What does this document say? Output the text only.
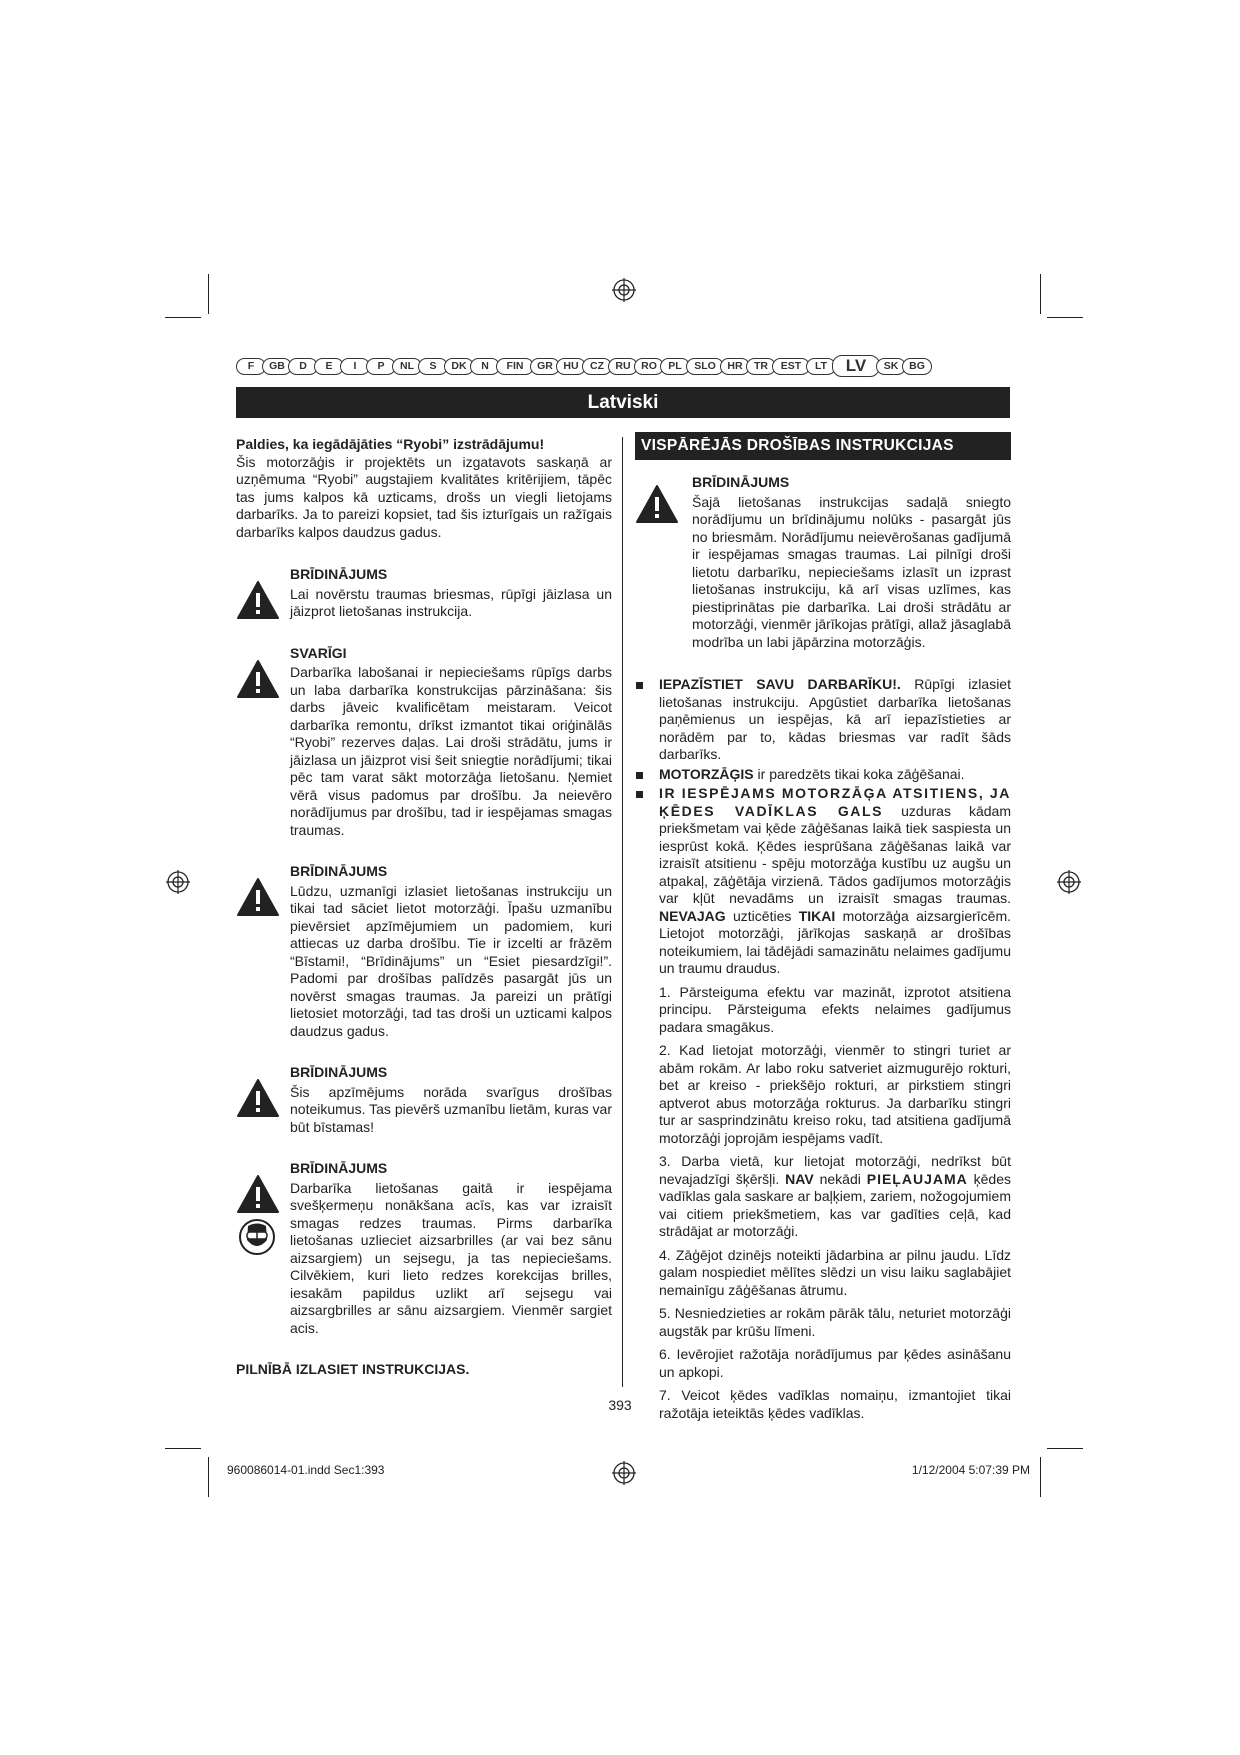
F	GB	D	E	I	P	NL	S	DK	N	FIN	GR	HU	CZ	RU	RO	PL	SLO	HR	TR	EST	LT	LV	SK	BG
Latviski

Paldies, ka iegādājāties “Ryobi” izstrādājumu!

Šis motorzāģis ir projektēts un izgatavots saskaņā ar uzņēmuma “Ryobi” augstajiem kvalitātes kritērijiem, tāpēc tas jums kalpos kā uzticams, drošs un viegli lietojams darbarīks. Ja to pareizi kopsiet, tad šis izturīgais un ražīgais darbarīks kalpos daudzus gadus.

BRĪDINĀJUMS

Lai novērstu traumas briesmas, rūpīgi jāizlasa un jāizprot lietošanas instrukcija.

SVARĪGI

Darbarīka labošanai ir nepieciešams rūpīgs darbs un laba darbarīka konstrukcijas pārzināšana: šis darbs jāveic kvalificētam meistaram. Veicot darbarīka remontu, drīkst izmantot tikai oriģinālās “Ryobi” rezerves daļas. Lai droši strādātu, jums ir jāizlasa un jāizprot visi šeit sniegtie norādījumi; tikai pēc tam varat sākt motorzāģa lietošanu. Ņemiet vērā visus padomus par drošību. Ja neievēro norādījumus par drošību, tad ir iespējamas smagas traumas.

BRĪDINĀJUMS

Lūdzu, uzmanīgi izlasiet lietošanas instrukciju un tikai tad sāciet lietot motorzāģi. Īpašu uzmanību pievērsiet apzīmējumiem un padomiem, kuri attiecas uz darba drošību. Tie ir izcelti ar frāzēm “Bīstami!, “Brīdinājums” un “Esiet piesardzīgi!”. Padomi par drošības palīdzēs pasargāt jūs un novērst smagas traumas. Ja pareizi un prātīgi lietosiet motorzāģi, tad tas droši un uzticami kalpos daudzus gadus.

BRĪDINĀJUMS

Šis apzīmējums norāda svarīgus drošības noteikumus. Tas pievērš uzmanību lietām, kuras var būt bīstamas!

BRĪDINĀJUMS

Darbarīka lietošanas gaitā ir iespējama svešķermeņu nonākšana acīs, kas var izraisīt smagas redzes traumas. Pirms darbarīka lietošanas uzlieciet aizsarbrilles (ar vai bez sānu aizsargiem) un sejsegu, ja tas nepieciešams. Cilvēkiem, kuri lieto redzes korekcijas brilles, iesakām papildus uzlikt arī sejsegu vai aizsargbrilles ar sānu aizsargiem. Vienmēr sargiet acis.

PILNĪBĀ IZLASIET INSTRUKCIJAS.

VISPĀRĒJĀS DROŠĪBAS INSTRUKCIJAS

BRĪDINĀJUMS

Šajā lietošanas instrukcijas sadaļā sniegto norādījumu un brīdinājumu nolūks - pasargāt jūs no briesmām. Norādījumu neievērošanas gadījumā ir iespējamas smagas traumas. Lai pilnīgi droši lietotu darbarīku, nepieciešams izlasīt un izprast lietošanas instrukciju, kā arī visas uzlīmes, kas piestiprinātas pie darbarīka. Lai droši strādātu ar motorzāģi, vienmēr jārīkojas prātīgi, allaž jāsaglabā modrība un labi jāpārzina motorzāģis.

IEPAZĪSTIET SAVU DARBARĪKU!. Rūpīgi izlasiet lietošanas instrukciju. Apgūstiet darbarīka lietošanas paņēmienus un iespējas, kā arī iepazīstieties ar norādēm par to, kādas briesmas var radīt šāds darbarīks.

MOTORZĀĢIS ir paredzēts tikai koka zāģēšanai.

IR IESPĒJAMS MOTORZĀĢA ATSITIENS, JA ĶĒDES VADĪKLAS GALS uzduras kādam priekšmetam vai ķēde zāģēšanas laikā tiek saspiesta un iesprūst kokā. Ķēdes iesprūšana zāģēšanas laikā var izraisīt atsitienu - spēju motorzāģa kustību uz augšu un atpakaļ, zāģētāja virzienā. Tādos gadījumos motorzāģis var kļūt nevadāms un izraisīt smagas traumas. NEVAJAG uzticēties TIKAI motorzāģa aizsargierīcēm. Lietojot motorzāģi, jārīkojas saskaņā ar drošības noteikumiem, lai tādējādi samazinātu nelaimes gadījumu un traumu draudus.

1. Pārsteiguma efektu var mazināt, izprotot atsitiena principu. Pārsteiguma efekts nelaimes gadījumus padara smagākus.

2. Kad lietojat motorzāģi, vienmēr to stingri turiet ar abām rokām. Ar labo roku satveriet aizmugurējo rokturi, bet ar kreiso - priekšējo rokturi, ar pirkstiem stingri aptverot abus motorzāģa rokturus. Ja darbarīku stingri tur ar sasprindzinātu kreiso roku, tad atsitiena gadījumā motorzāģi joprojām iespējams vadīt.

3. Darba vietā, kur lietojat motorzāģi, nedrīkst būt nevajadzīgi šķēršļi. NAV nekādi PIEĻAUJAMA ķēdes vadīklas gala saskare ar baļķiem, zariem, nožogojumiem vai citiem priekšmetiem, kas var gadīties ceļā, kad strādājat ar motorzāģi.

4. Zāģējot dzinējs noteikti jādarbina ar pilnu jaudu. Līdz galam nospiediet mēlītes slēdzi un visu laiku saglabājiet nemainīgu zāģēšanas ātrumu.

5. Nesniedzieties ar rokām pārāk tālu, neturiet motorzāģi augstāk par krūšu līmeni.

6. Ievērojiet ražotāja norādījumus par ķēdes asināšanu un apkopi.

7. Veicot ķēdes vadīklas nomaiņu, izmantojiet tikai ražotāja ieteiktās ķēdes vadīklas.

393
960086014-01.indd Sec1:393	1/12/2004 5:07:39 PM
